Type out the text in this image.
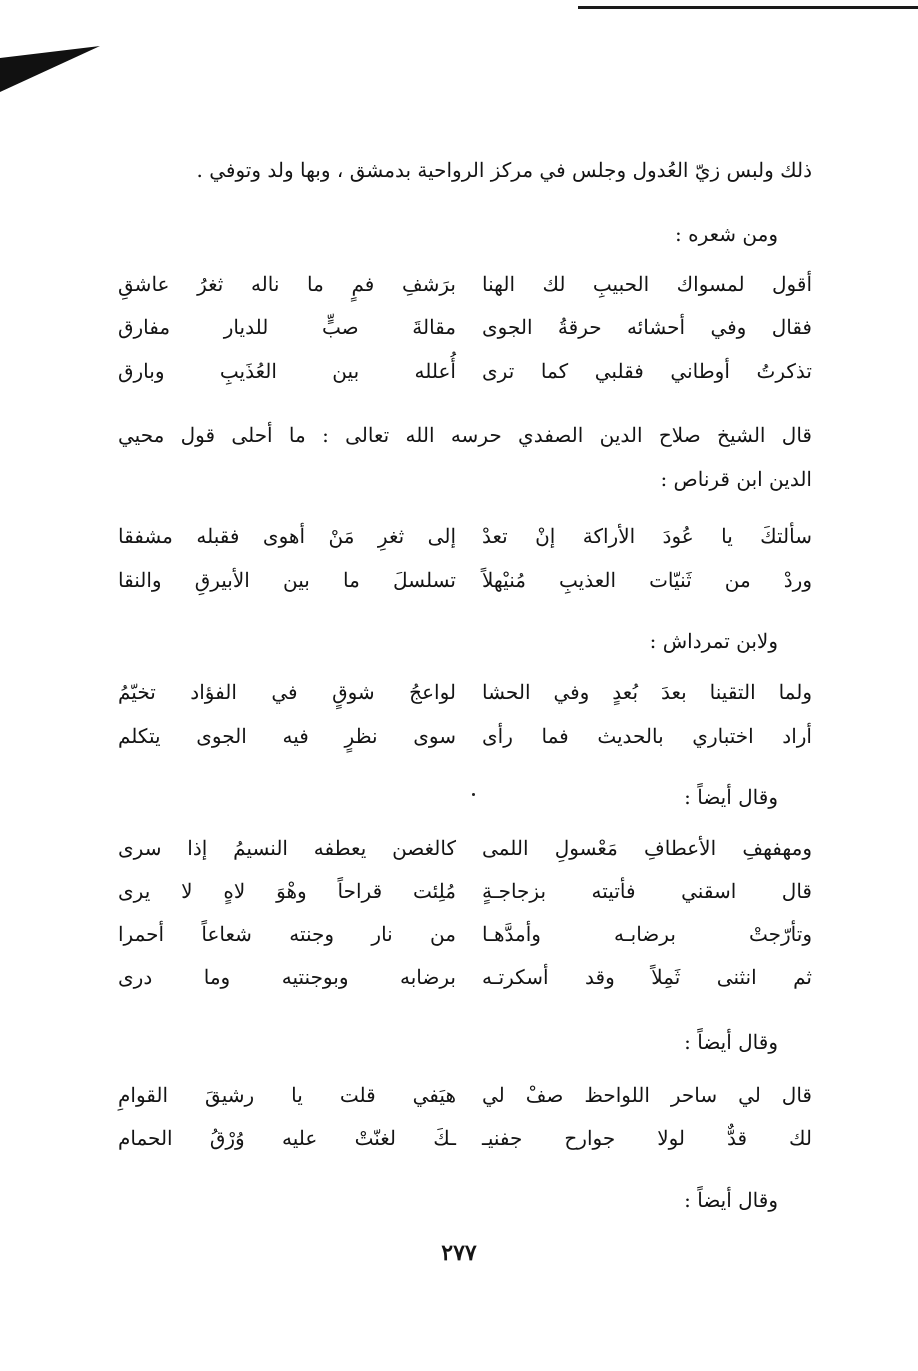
ذلك ولبس زيّ العُدول وجلس في مركز الرواحية بدمشق ، وبها ولد وتوفي .
ومن شعره :
أقول لمسواك الحبيبِ لك الهنا
برَشفِ فمٍ ما ناله ثغرُ عاشقِ
فقال وفي أحشائه حرقةُ الجوى
مقالةَ صبٍّ للديار مفارق
تذكرتُ أوطاني فقلبي كما ترى
أُعلله بين العُذَيبِ وبارق
قال الشيخ صلاح الدين الصفدي حرسه الله تعالى : ما أحلى قول محيي
الدين ابن قرناص :
سألتكَ يا عُودَ الأراكة إنْ تعدْ
إلى ثغرِ مَنْ أهوى فقبله مشفقا
وردْ من ثَنيّات العذيبِ مُنيْهلاً
تسلسلَ ما بين الأبيرقِ والنقا
ولابن تمرداش :
ولما التقينا بعدَ بُعدٍ وفي الحشا
لواعجُ شوقٍ في الفؤاد تخيّمُ
أراد اختباري بالحديث فما رأى
سوى نظرٍ فيه الجوى يتكلم
وقال أيضاً :
ومهفهفِ الأعطافِ مَعْسولِ اللمى
كالغصن يعطفه النسيمُ إذا سرى
قال اسقني فأتيته بزجاجـةٍ
مُلِئت قراحاً وهْوَ لاهٍ لا يرى
وتأرّجتْ برضابـه وأمدَّهـا
من نار وجنته شعاعاً أحمرا
ثم انثنى ثَمِلاً وقد أسكرتـه
برضابه وبوجنتيه وما درى
وقال أيضاً :
قال لي ساحر اللواحظ صفْ لي
هيَفي قلت يا رشيقَ القوامِ
لك قدٌّ لولا جوارح جفنيـ
ـكَ لغنّتْ عليه وُرْقُ الحمام
وقال أيضاً :
٢٧٧
